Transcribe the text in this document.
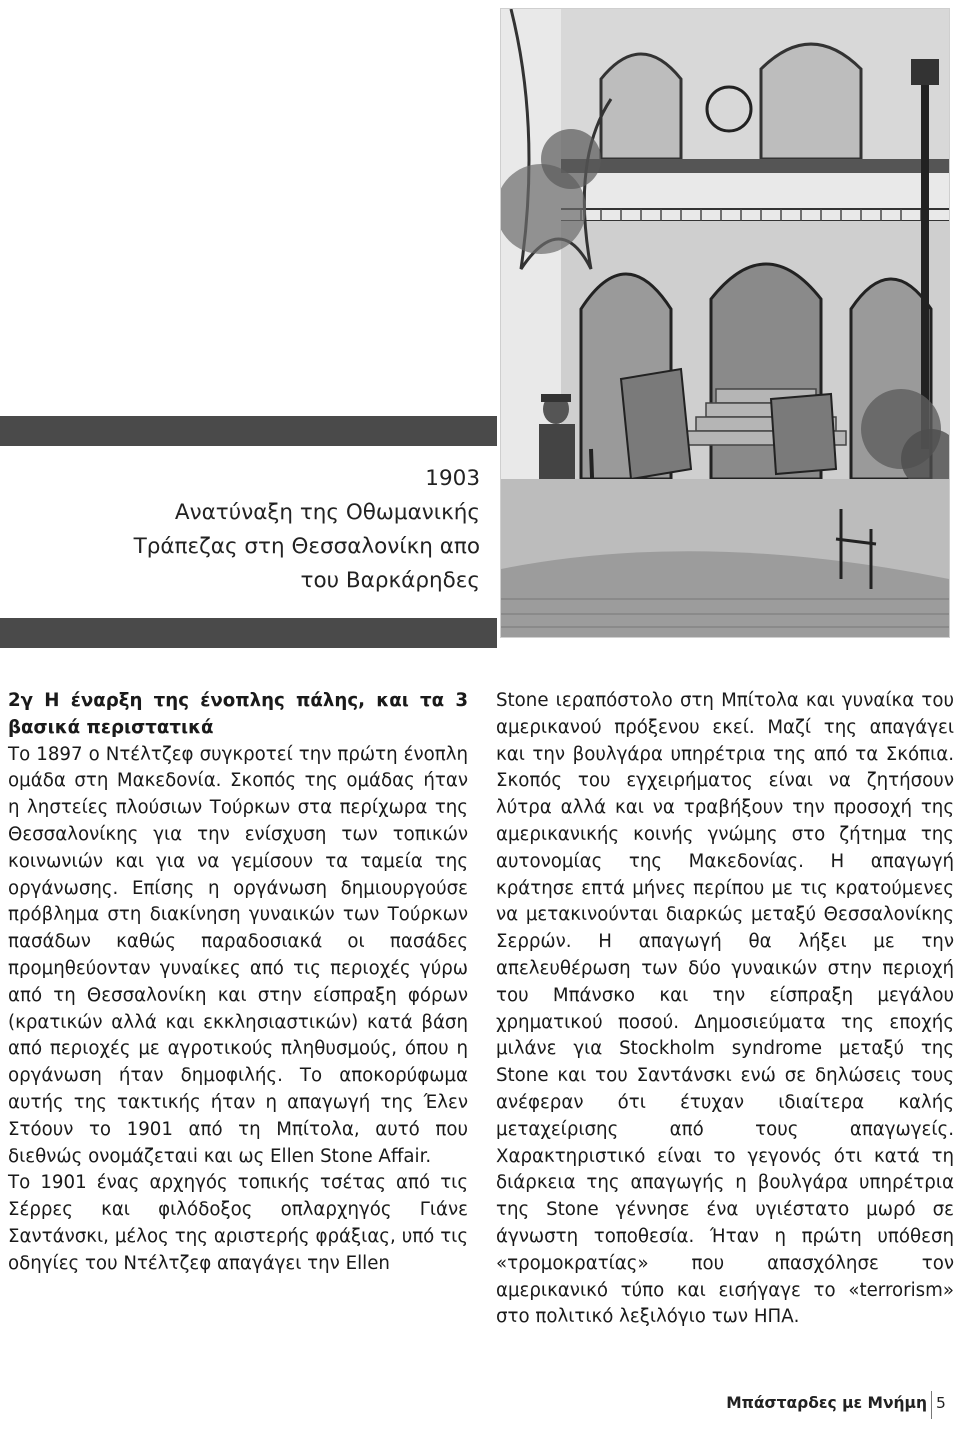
1903
Ανατύναξη της Οθωμανικής
Τράπεζας στη Θεσσαλονίκη απο
του Βαρκάρηδες

2γ Η έναρξη της ένοπλης πάλης, και τα 3 βασικά περιστατικά

Το 1897 ο Ντέλτζεφ συγκροτεί την πρώτη ένοπλη ομάδα στη Μακεδονία. Σκοπός της ομάδας ήταν η ληστείες πλούσιων Τούρκων στα περίχωρα της Θεσσαλονίκης για την ενίσχυση των τοπικών κοινωνιών και για να γεμίσουν τα ταμεία της οργάνωσης. Επίσης η οργάνωση δημιουργούσε πρόβλημα στη διακίνηση γυναικών των Τούρκων πασάδων καθώς παραδοσιακά οι πασάδες προμηθεύονταν γυναίκες από τις περιοχές γύρω από τη Θεσσαλονίκη και στην είσπραξη φόρων (κρατικών αλλά και εκκλησιαστικών) κατά βάση από περιοχές με αγροτικούς πληθυσμούς, όπου η οργάνωση ήταν δημοφιλής. Το αποκορύφωμα αυτής της τακτικής ήταν η απαγωγή της Έλεν Στόουν το 1901 από τη Μπίτολα, αυτό που διεθνώς ονομάζεταιi και ως Ellen Stone Affair.

Το 1901 ένας αρχηγός τοπικής τσέτας από τις Σέρρες και φιλόδοξος οπλαρχηγός Γιάνε Σαντάνσκι, μέλος της αριστερής φράξιας, υπό τις οδηγίες του Ντέλτζεφ απαγάγει την Ellen

Stone ιεραπόστολο στη Μπίτολα και γυναίκα του αμερικανού πρόξενου εκεί. Μαζί της απαγάγει και την βουλγάρα υπηρέτρια της από τα Σκόπια. Σκοπός του εγχειρήματος είναι να ζητήσουν λύτρα αλλά και να τραβήξουν την προσοχή της αμερικανικής κοινής γνώμης στο ζήτημα της αυτονομίας της Μακεδονίας. Η απαγωγή κράτησε επτά μήνες περίπου με τις κρατούμενες να μετακινούνται διαρκώς μεταξύ Θεσσαλονίκης Σερρών. Η απαγωγή θα λήξει με την απελευθέρωση των δύο γυναικών στην περιοχή του Μπάνσκο και την είσπραξη μεγάλου χρηματικού ποσού. Δημοσιεύματα της εποχής μιλάνε για Stockholm syndrome μεταξύ της Stone και του Σαντάνσκι ενώ σε δηλώσεις τους ανέφεραν ότι έτυχαν ιδιαίτερα καλής μεταχείρισης από τους απαγωγείς. Χαρακτηριστικό είναι το γεγονός ότι κατά τη διάρκεια της απαγωγής η βουλγάρα υπηρέτρια της Stone γέννησε ένα υγιέστατο μωρό σε άγνωστη τοποθεσία. Ήταν η πρώτη υπόθεση «τρομοκρατίας» που απασχόλησε τον αμερικανικό τύπο και εισήγαγε το «terrorism» στο πολιτικό λεξιλόγιο των ΗΠΑ.

Μπάσταρδες με Μνήμη 5
